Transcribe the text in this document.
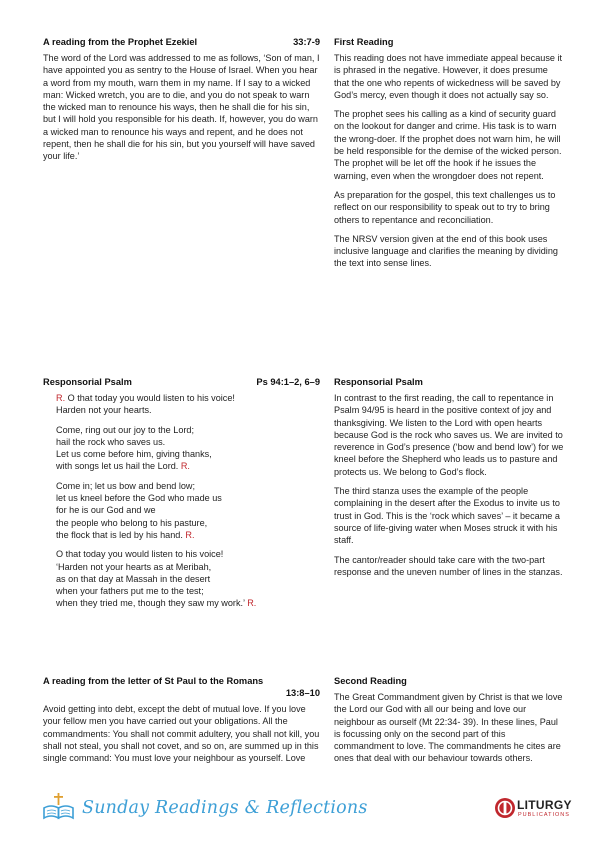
A reading from the Prophet Ezekiel	33:7-9

The word of the Lord was addressed to me as follows, ‘Son of man, I have appointed you as sentry to the House of Israel. When you hear a word from my mouth, warn them in my name. If I say to a wicked man: Wicked wretch, you are to die, and you do not speak to warn the wicked man to renounce his ways, then he shall die for his sin, but I will hold you responsible for his death. If, however, you do warn a wicked man to renounce his ways and repent, and he does not repent, then he shall die for his sin, but you yourself will have saved your life.’

First Reading

This reading does not have immediate appeal because it is phrased in the negative. However, it does presume that the one who repents of wickedness will be saved by God’s mercy, even though it does not actually say so.

The prophet sees his calling as a kind of security guard on the lookout for danger and crime. His task is to warn the wrong-doer. If the prophet does not warn him, he will be held responsible for the demise of the wicked person. The prophet will be let off the hook if he issues the warning, even when the wrongdoer does not repent.

As preparation for the gospel, this text challenges us to reflect on our responsibility to speak out to try to bring others to repentance and reconciliation.

The NRSV version given at the end of this book uses inclusive language and clarifies the meaning by dividing the text into sense lines.

Responsorial Psalm	Ps 94:1–2, 6–9
R. O that today you would listen to his voice!
Harden not your hearts.
Come, ring out our joy to the Lord;
hail the rock who saves us.
Let us come before him, giving thanks,
with songs let us hail the Lord. R.
Come in; let us bow and bend low;
let us kneel before the God who made us
for he is our God and we
the people who belong to his pasture,
the flock that is led by his hand. R.
O that today you would listen to his voice!
‘Harden not your hearts as at Meribah,
as on that day at Massah in the desert
when your fathers put me to the test;
when they tried me, though they saw my work.’ R.
Responsorial Psalm

In contrast to the first reading, the call to repentance in Psalm 94/95 is heard in the positive context of joy and thanksgiving. We listen to the Lord with open hearts because God is the rock who saves us. We are invited to reverence in God’s presence (‘bow and bend low’) for we kneel before the Shepherd who leads us to pasture and protects us. We belong to God’s flock.

The third stanza uses the example of the people complaining in the desert after the Exodus to invite us to trust in God. This is the ‘rock which saves’ – it became a source of life-giving water when Moses struck it with his staff.

The cantor/reader should take care with the two-part response and the uneven number of lines in the stanzas.

A reading from the letter of St Paul to the Romans
13:8–10

Avoid getting into debt, except the debt of mutual love. If you love your fellow men you have carried out your obligations. All the commandments: You shall not commit adultery, you shall not kill, you shall not steal, you shall not covet, and so on, are summed up in this single command: You must love your neighbour as yourself. Love

Second Reading

The Great Commandment given by Christ is that we love the Lord our God with all our being and love our neighbour as ourself (Mt 22:34- 39). In these lines, Paul is focussing only on the second part of this commandment to love. The commandments he cites are ones that deal with our behaviour towards others.

Sunday Readings & Reflections	LITURGY
PUBLICATIONS
